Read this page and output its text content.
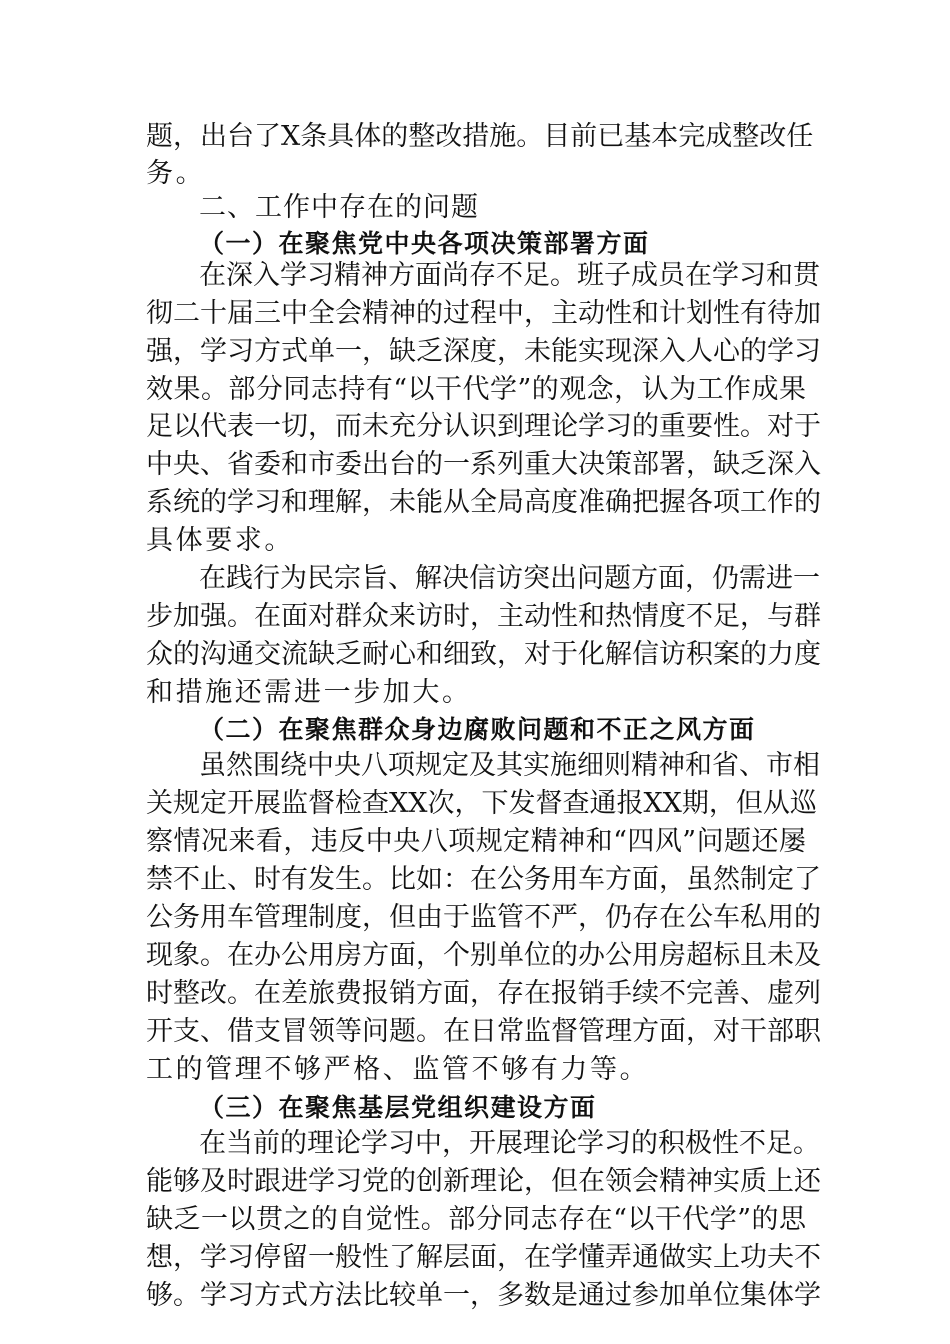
题，出台了X条具体的整改措施。目前已基本完成整改任
务。
二、工作中存在的问题
（一）在聚焦党中央各项决策部署方面
在深入学习精神方面尚存不足。班子成员在学习和贯
彻二十届三中全会精神的过程中，主动性和计划性有待加
强，学习方式单一，缺乏深度，未能实现深入人心的学习
效果。部分同志持有“以干代学”的观念，认为工作成果
足以代表一切，而未充分认识到理论学习的重要性。对于
中央、省委和市委出台的一系列重大决策部署，缺乏深入
系统的学习和理解，未能从全局高度准确把握各项工作的
具体要求。
在践行为民宗旨、解决信访突出问题方面，仍需进一
步加强。在面对群众来访时，主动性和热情度不足，与群
众的沟通交流缺乏耐心和细致，对于化解信访积案的力度
和措施还需进一步加大。
（二）在聚焦群众身边腐败问题和不正之风方面
虽然围绕中央八项规定及其实施细则精神和省、市相
关规定开展监督检查XX次，下发督查通报XX期，但从巡
察情况来看，违反中央八项规定精神和“四风”问题还屡
禁不止、时有发生。比如：在公务用车方面，虽然制定了
公务用车管理制度，但由于监管不严，仍存在公车私用的
现象。在办公用房方面，个别单位的办公用房超标且未及
时整改。在差旅费报销方面，存在报销手续不完善、虚列
开支、借支冒领等问题。在日常监督管理方面，对干部职
工的管理不够严格、监管不够有力等。
（三）在聚焦基层党组织建设方面
在当前的理论学习中，开展理论学习的积极性不足。
能够及时跟进学习党的创新理论，但在领会精神实质上还
缺乏一以贯之的自觉性。部分同志存在“以干代学”的思
想，学习停留一般性了解层面，在学懂弄通做实上功夫不
够。学习方式方法比较单一，多数是通过参加单位集体学
